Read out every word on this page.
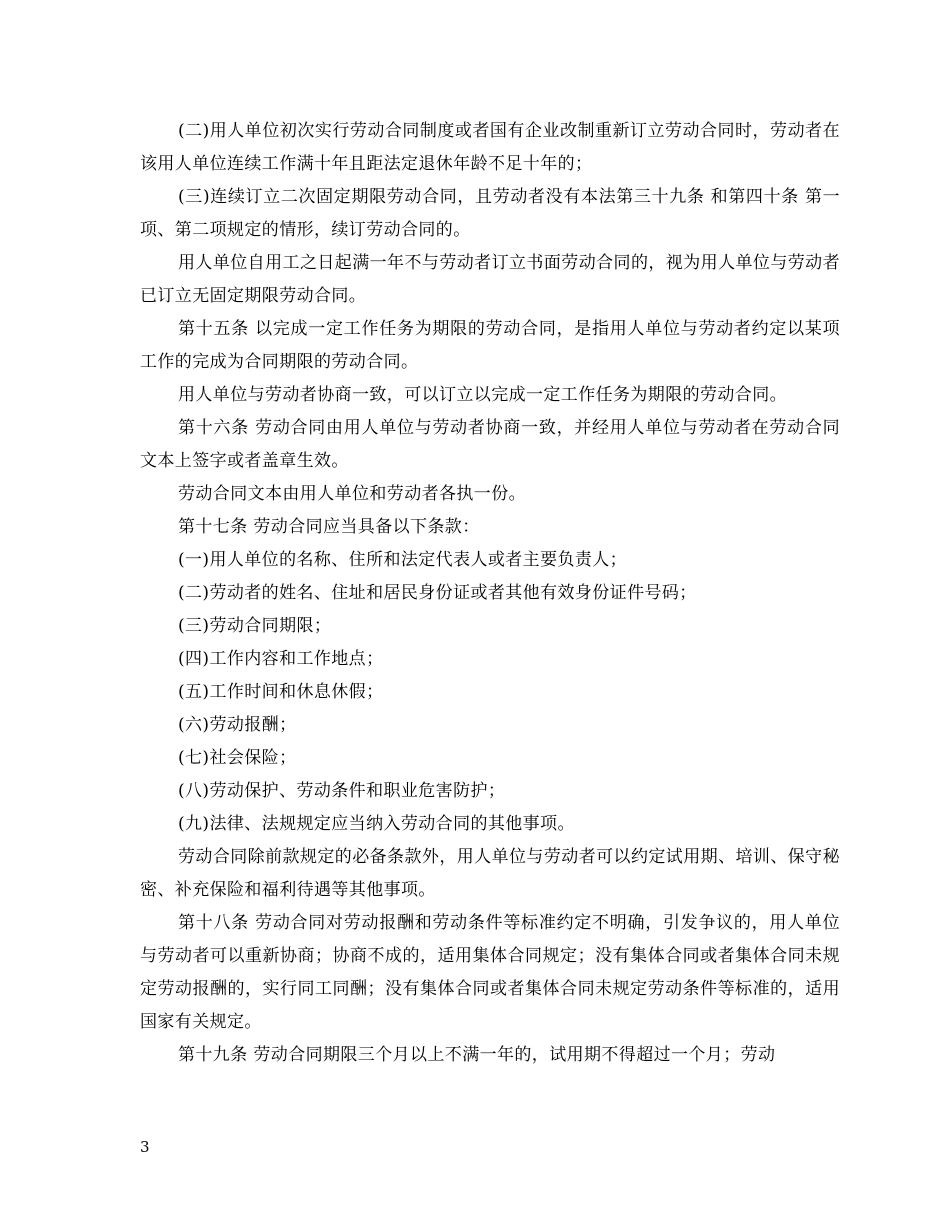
(二)用人单位初次实行劳动合同制度或者国有企业改制重新订立劳动合同时，劳动者在该用人单位连续工作满十年且距法定退休年龄不足十年的；

(三)连续订立二次固定期限劳动合同，且劳动者没有本法第三十九条 和第四十条 第一项、第二项规定的情形，续订劳动合同的。

用人单位自用工之日起满一年不与劳动者订立书面劳动合同的，视为用人单位与劳动者已订立无固定期限劳动合同。

第十五条 以完成一定工作任务为期限的劳动合同，是指用人单位与劳动者约定以某项工作的完成为合同期限的劳动合同。

用人单位与劳动者协商一致，可以订立以完成一定工作任务为期限的劳动合同。

第十六条 劳动合同由用人单位与劳动者协商一致，并经用人单位与劳动者在劳动合同文本上签字或者盖章生效。

劳动合同文本由用人单位和劳动者各执一份。

第十七条 劳动合同应当具备以下条款：

(一)用人单位的名称、住所和法定代表人或者主要负责人；

(二)劳动者的姓名、住址和居民身份证或者其他有效身份证件号码；

(三)劳动合同期限；

(四)工作内容和工作地点；

(五)工作时间和休息休假；

(六)劳动报酬；

(七)社会保险；

(八)劳动保护、劳动条件和职业危害防护；

(九)法律、法规规定应当纳入劳动合同的其他事项。

劳动合同除前款规定的必备条款外，用人单位与劳动者可以约定试用期、培训、保守秘密、补充保险和福利待遇等其他事项。

第十八条 劳动合同对劳动报酬和劳动条件等标准约定不明确，引发争议的，用人单位与劳动者可以重新协商；协商不成的，适用集体合同规定；没有集体合同或者集体合同未规定劳动报酬的，实行同工同酬；没有集体合同或者集体合同未规定劳动条件等标准的，适用国家有关规定。

第十九条 劳动合同期限三个月以上不满一年的，试用期不得超过一个月；劳动

3
